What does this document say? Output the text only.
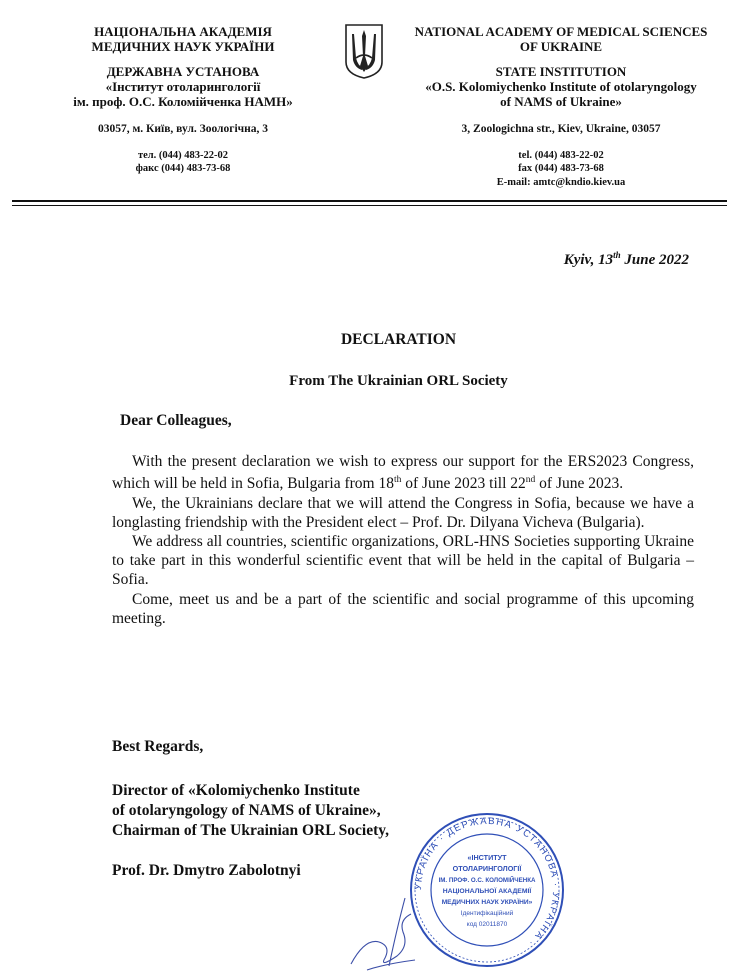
НАЦІОНАЛЬНА АКАДЕМІЯ
МЕДИЧНИХ НАУК УКРАЇНИ
ДЕРЖАВНА УСТАНОВА
«Інститут отоларингології
ім. проф. О.С. Коломійченка НАМН»
03057, м. Київ, вул. Зоологічна, 3
тел. (044) 483-22-02
факс (044) 483-73-68
NATIONAL ACADEMY OF MEDICAL SCIENCES
OF UKRAINE
STATE INSTITUTION
«O.S. Kolomiychenko Institute of otolaryngology
of NAMS of Ukraine»
3, Zoologichna str., Kiev, Ukraine, 03057
tel. (044) 483-22-02
fax (044) 483-73-68
E-mail: amtc@kndio.kiev.ua
Kyiv, 13th June 2022
DECLARATION
From The Ukrainian ORL Society
Dear Colleagues,

With the present declaration we wish to express our support for the ERS2023 Congress, which will be held in Sofia, Bulgaria from 18th of June 2023 till 22nd of June 2023.

We, the Ukrainians declare that we will attend the Congress in Sofia, because we have a longlasting friendship with the President elect – Prof. Dr. Dilyana Vicheva (Bulgaria).

We address all countries, scientific organizations, ORL-HNS Societies supporting Ukraine to take part in this wonderful scientific event that will be held in the capital of Bulgaria – Sofia.

Come, meet us and be a part of the scientific and social programme of this upcoming meeting.

Best Regards,
Director of «Kolomiychenko Institute
of otolaryngology of NAMS of Ukraine»,
Chairman of The Ukrainian ORL Society,
Prof. Dr. Dmytro Zabolotnyi
УКРАЇНА · ДЕРЖАВНА УСТАНОВА · УКРАЇНА ·
«ІНСТИТУТ
ОТОЛАРИНГОЛОГІЇ
ІМ. ПРОФ. О.С. КОЛОМІЙЧЕНКА
НАЦІОНАЛЬНОЇ АКАДЕМІЇ
МЕДИЧНИХ НАУК УКРАЇНИ»
Ідентифікаційний
код 02011870
